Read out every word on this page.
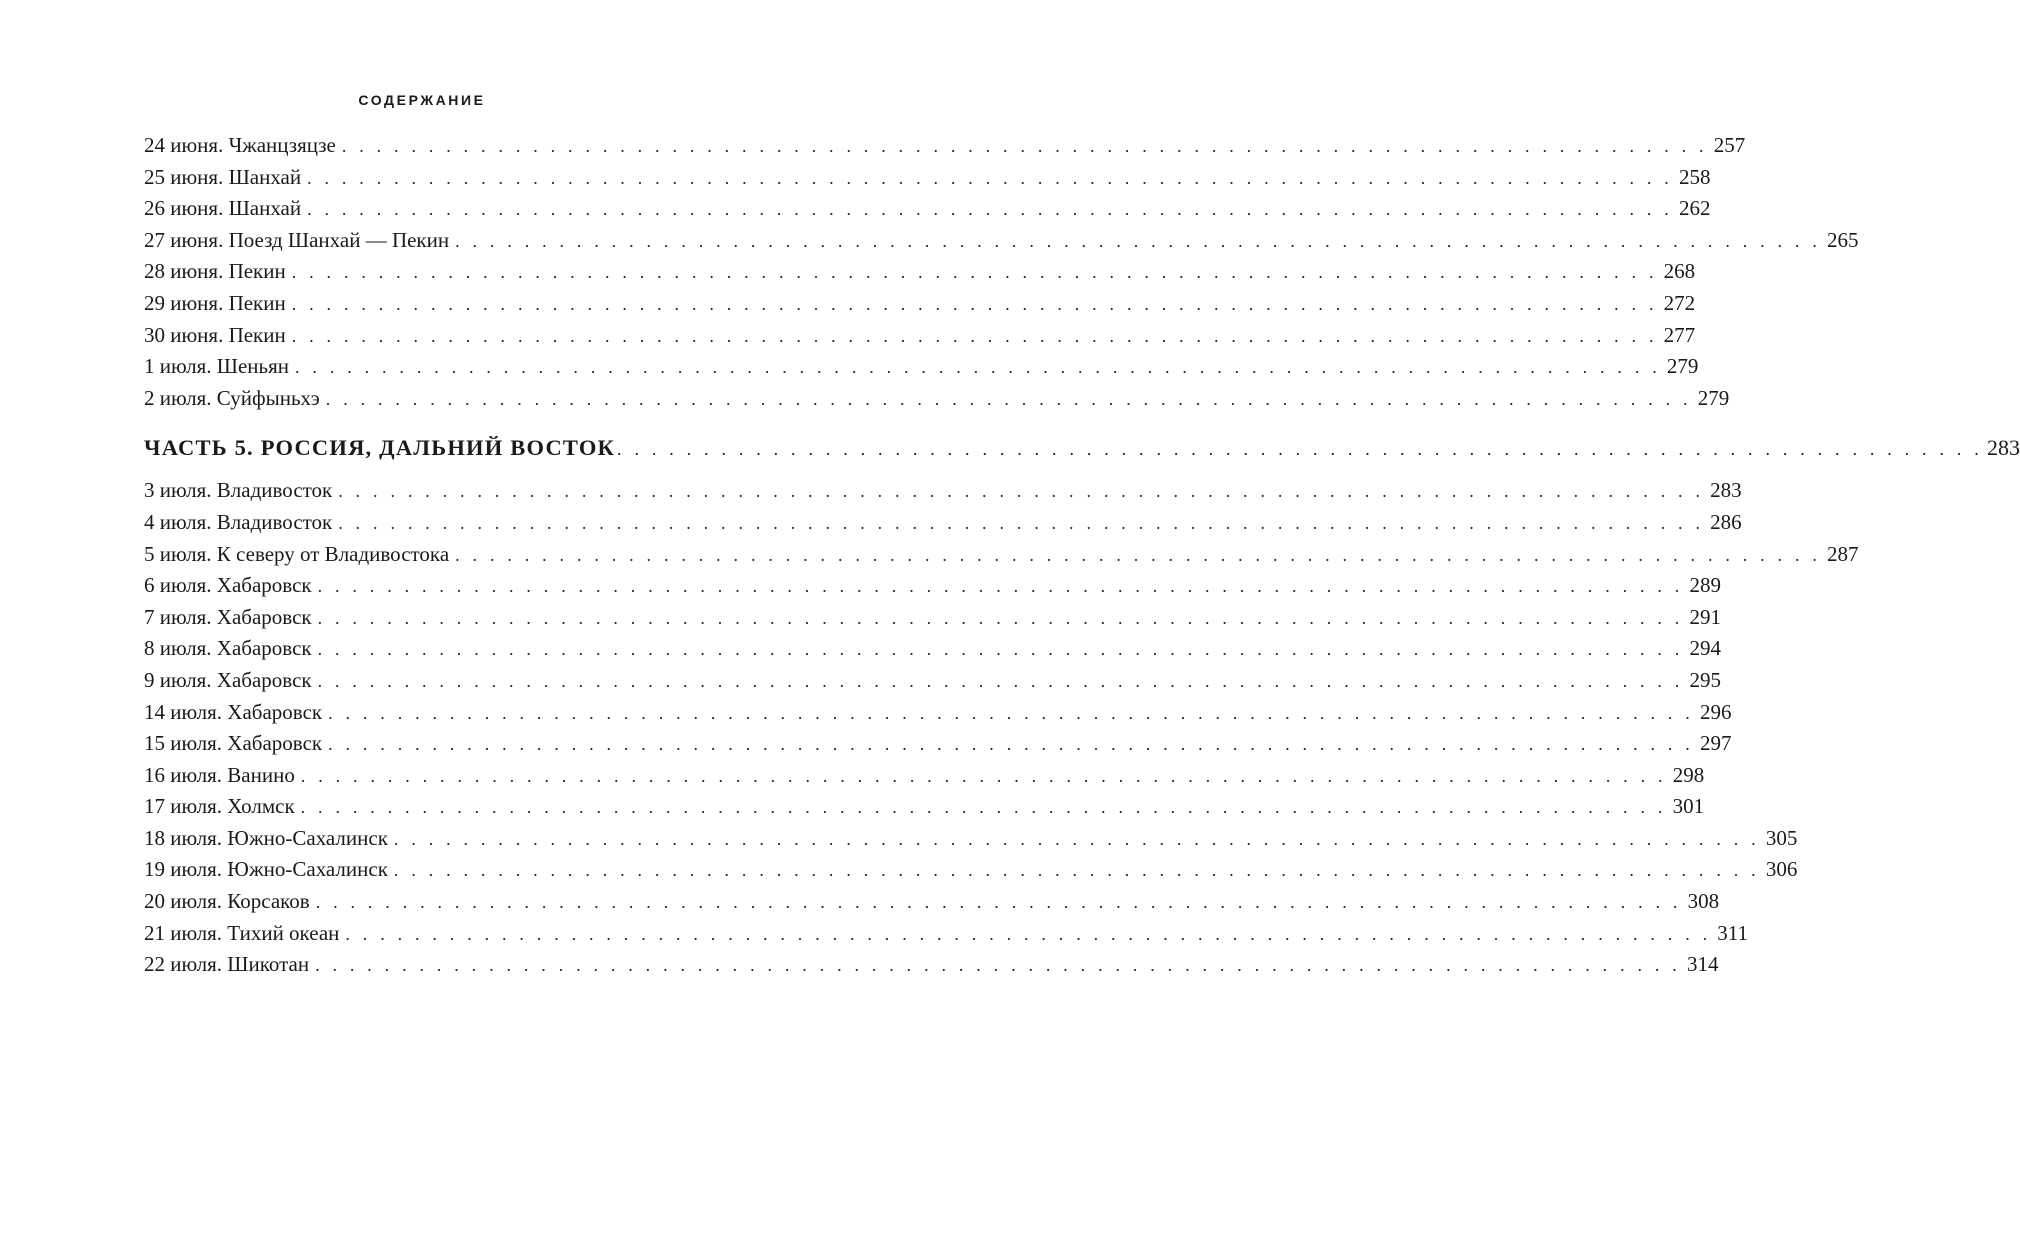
СОДЕРЖАНИЕ
24 июня. Чжанцзяцзе . . . . . . . . . . . . . . . . . . . . . . . . . . . . . . . . . . . . . . . . . . . . . . . . . . . . . . . . . . . . . . . . . . . . . . . . . . . . . . . 257
25 июня. Шанхай . . . . . . . . . . . . . . . . . . . . . . . . . . . . . . . . . . . . . . . . . . . . . . . . . . . . . . . . . . . . . . . . . . . . . . . . . . . . . . . 258
26 июня. Шанхай . . . . . . . . . . . . . . . . . . . . . . . . . . . . . . . . . . . . . . . . . . . . . . . . . . . . . . . . . . . . . . . . . . . . . . . . . . . . . . . 262
27 июня. Поезд Шанхай — Пекин . . . . . . . . . . . . . . . . . . . . . . . . . . . . . . . . . . . . . . . . . . . . . . . . . . . . . . . . . . . . . . . . . . . . . . . . . . . . . . . 265
28 июня. Пекин . . . . . . . . . . . . . . . . . . . . . . . . . . . . . . . . . . . . . . . . . . . . . . . . . . . . . . . . . . . . . . . . . . . . . . . . . . . . . . . 268
29 июня. Пекин . . . . . . . . . . . . . . . . . . . . . . . . . . . . . . . . . . . . . . . . . . . . . . . . . . . . . . . . . . . . . . . . . . . . . . . . . . . . . . . 272
30 июня. Пекин . . . . . . . . . . . . . . . . . . . . . . . . . . . . . . . . . . . . . . . . . . . . . . . . . . . . . . . . . . . . . . . . . . . . . . . . . . . . . . . 277
1 июля. Шеньян . . . . . . . . . . . . . . . . . . . . . . . . . . . . . . . . . . . . . . . . . . . . . . . . . . . . . . . . . . . . . . . . . . . . . . . . . . . . . . . 279
2 июля. Суйфыньхэ . . . . . . . . . . . . . . . . . . . . . . . . . . . . . . . . . . . . . . . . . . . . . . . . . . . . . . . . . . . . . . . . . . . . . . . . . . . . . . . 279
ЧАСТЬ 5. РОССИЯ, ДАЛЬНИЙ ВОСТОК . . . . . . . . . . . . . . . . . . . . . . . . . . . . . . . . . . . . . . . . . . . . . . . . . . . . . . . . . . . . . . . . . . . . . . . . . . . . . . . 283
3 июля. Владивосток . . . . . . . . . . . . . . . . . . . . . . . . . . . . . . . . . . . . . . . . . . . . . . . . . . . . . . . . . . . . . . . . . . . . . . . . . . . . . . . 283
4 июля. Владивосток . . . . . . . . . . . . . . . . . . . . . . . . . . . . . . . . . . . . . . . . . . . . . . . . . . . . . . . . . . . . . . . . . . . . . . . . . . . . . . . 286
5 июля. К северу от Владивостока . . . . . . . . . . . . . . . . . . . . . . . . . . . . . . . . . . . . . . . . . . . . . . . . . . . . . . . . . . . . . . . . . . . . . . . . . . . . . . . 287
6 июля. Хабаровск . . . . . . . . . . . . . . . . . . . . . . . . . . . . . . . . . . . . . . . . . . . . . . . . . . . . . . . . . . . . . . . . . . . . . . . . . . . . . . . 289
7 июля. Хабаровск . . . . . . . . . . . . . . . . . . . . . . . . . . . . . . . . . . . . . . . . . . . . . . . . . . . . . . . . . . . . . . . . . . . . . . . . . . . . . . . 291
8 июля. Хабаровск . . . . . . . . . . . . . . . . . . . . . . . . . . . . . . . . . . . . . . . . . . . . . . . . . . . . . . . . . . . . . . . . . . . . . . . . . . . . . . . 294
9 июля. Хабаровск . . . . . . . . . . . . . . . . . . . . . . . . . . . . . . . . . . . . . . . . . . . . . . . . . . . . . . . . . . . . . . . . . . . . . . . . . . . . . . . 295
14 июля. Хабаровск . . . . . . . . . . . . . . . . . . . . . . . . . . . . . . . . . . . . . . . . . . . . . . . . . . . . . . . . . . . . . . . . . . . . . . . . . . . . . . . 296
15 июля. Хабаровск . . . . . . . . . . . . . . . . . . . . . . . . . . . . . . . . . . . . . . . . . . . . . . . . . . . . . . . . . . . . . . . . . . . . . . . . . . . . . . . 297
16 июля. Ванино . . . . . . . . . . . . . . . . . . . . . . . . . . . . . . . . . . . . . . . . . . . . . . . . . . . . . . . . . . . . . . . . . . . . . . . . . . . . . . . 298
17 июля. Холмск . . . . . . . . . . . . . . . . . . . . . . . . . . . . . . . . . . . . . . . . . . . . . . . . . . . . . . . . . . . . . . . . . . . . . . . . . . . . . . . 301
18 июля. Южно-Сахалинск . . . . . . . . . . . . . . . . . . . . . . . . . . . . . . . . . . . . . . . . . . . . . . . . . . . . . . . . . . . . . . . . . . . . . . . . . . . . . . . 305
19 июля. Южно-Сахалинск . . . . . . . . . . . . . . . . . . . . . . . . . . . . . . . . . . . . . . . . . . . . . . . . . . . . . . . . . . . . . . . . . . . . . . . . . . . . . . . 306
20 июля. Корсаков . . . . . . . . . . . . . . . . . . . . . . . . . . . . . . . . . . . . . . . . . . . . . . . . . . . . . . . . . . . . . . . . . . . . . . . . . . . . . . . 308
21 июля. Тихий океан . . . . . . . . . . . . . . . . . . . . . . . . . . . . . . . . . . . . . . . . . . . . . . . . . . . . . . . . . . . . . . . . . . . . . . . . . . . . . . . 311
22 июля. Шикотан . . . . . . . . . . . . . . . . . . . . . . . . . . . . . . . . . . . . . . . . . . . . . . . . . . . . . . . . . . . . . . . . . . . . . . . . . . . . . . . 314
